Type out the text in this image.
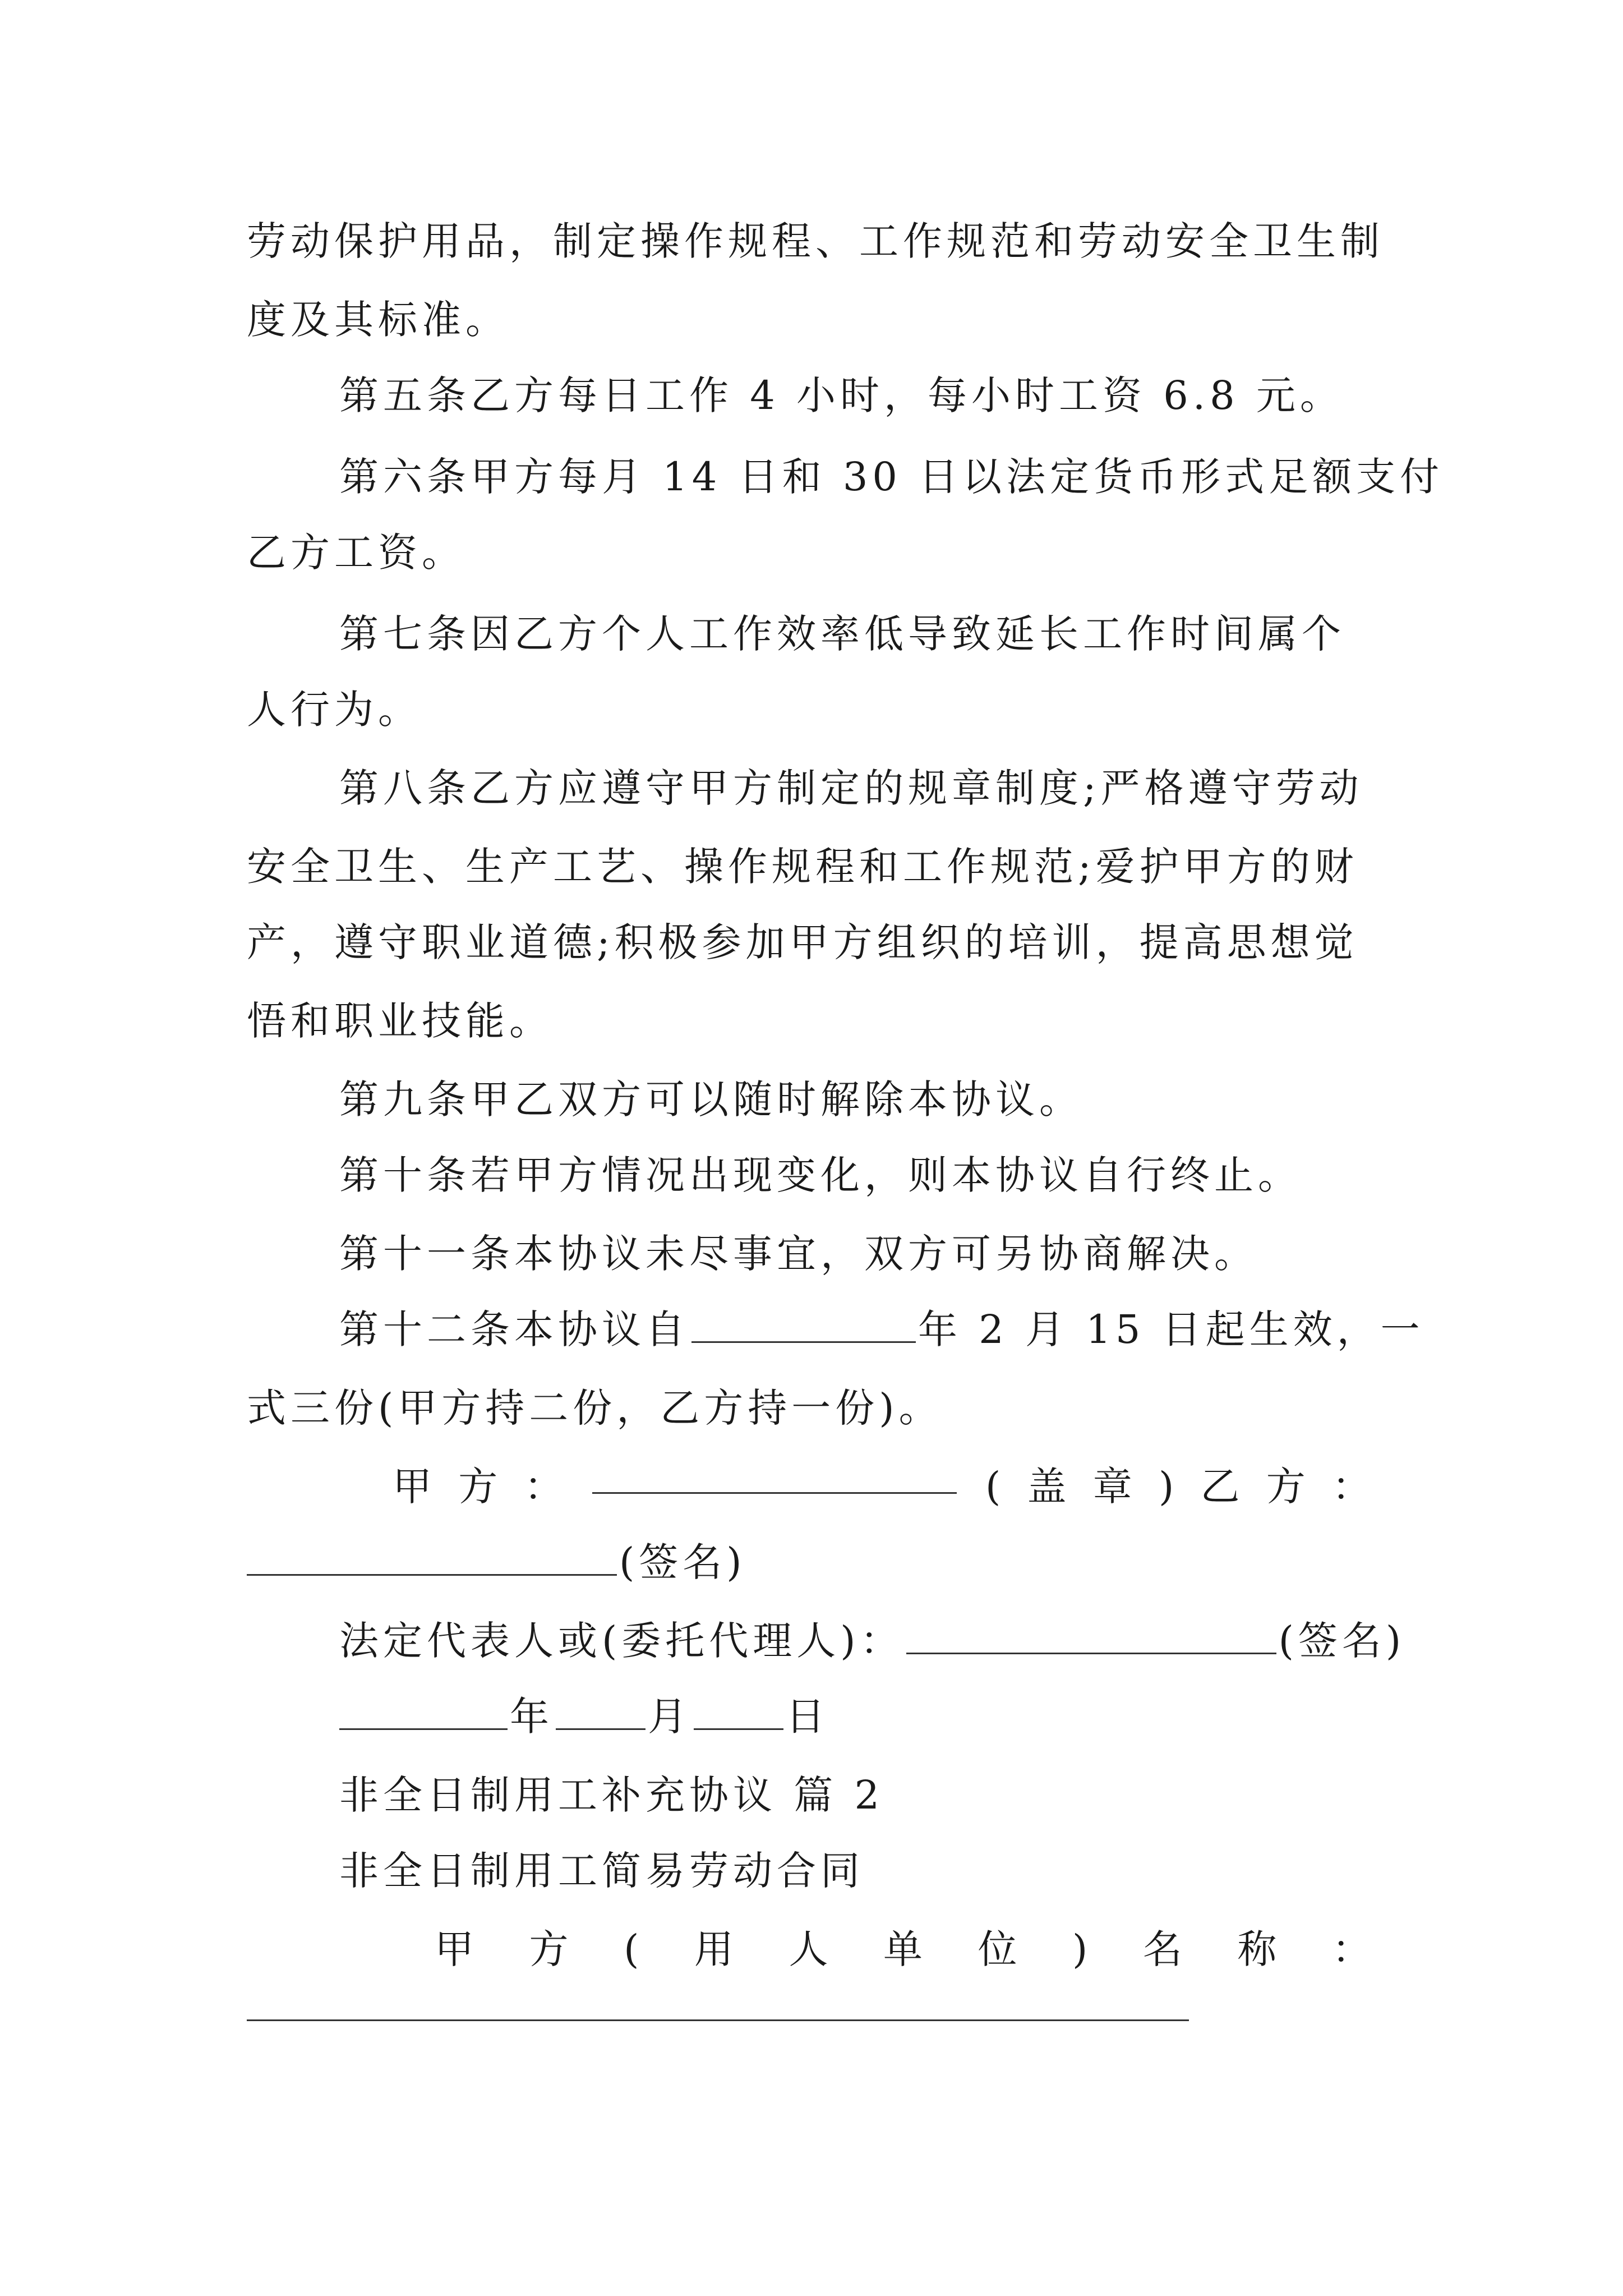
劳动保护用品，制定操作规程、工作规范和劳动安全卫生制
度及其标准。
第五条乙方每日工作 4 小时，每小时工资 6.8 元。
第六条甲方每月 14 日和 30 日以法定货币形式足额支付
乙方工资。
第七条因乙方个人工作效率低导致延长工作时间属个
人行为。
第八条乙方应遵守甲方制定的规章制度;严格遵守劳动
安全卫生、生产工艺、操作规程和工作规范;爱护甲方的财
产，遵守职业道德;积极参加甲方组织的培训，提高思想觉
悟和职业技能。
第九条甲乙双方可以随时解除本协议。
第十条若甲方情况出现变化，则本协议自行终止。
第十一条本协议未尽事宜，双方可另协商解决。
第十二条本协议自	年 2 月 15 日起生效，一
式三份(甲方持二份，乙方持一份)。
甲 方 ：	( 盖 章 ) 乙 方 ：
(签名)
法定代表人或(委托代理人)：	(签名)
年 月 日
非全日制用工补充协议 篇 2
非全日制用工简易劳动合同
甲 方 ( 用 人 单 位 ) 名 称 ：
